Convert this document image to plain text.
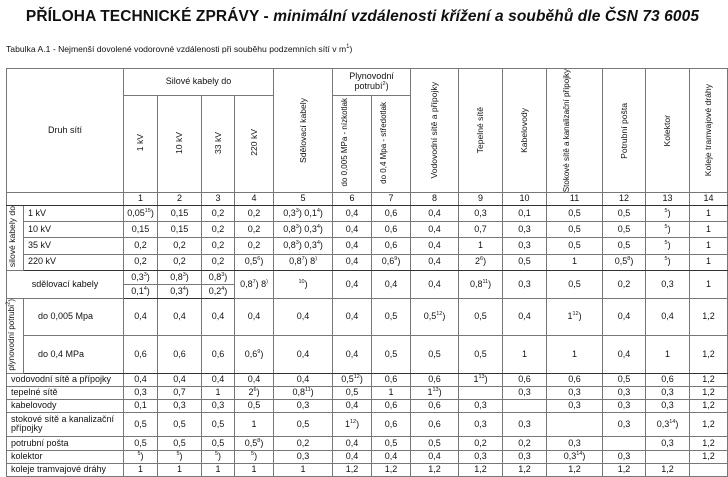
PŘÍLOHA TECHNICKÉ ZPRÁVY - minimální vzdálenosti křížení a souběhů dle ČSN 73 6005
Tabulka A.1 - Nejmenší dovolené vodorovné vzdálenosti při souběhu podzemních sítí v $m^1$)
Druh sítí		Silové kabely do				Sdělovací kabely	Plynovodní potrubí$^2$)		Vodovodní sítě a přípojky	Tepelné sítě	Kabelovody	Stokové sítě a kanalizační přípojky	Potrubní pošta	Kolektor	Koleje tramvajové dráhy

		1 kV	10 kV	33 kV	220 kV		do 0,005 MPa - nízkotlak	do 0,4 Mpa - středotlak							
		1	2	3	4	5	6	7	8	9	10	11	12	13	14
silové kabely do	1 kV	0,05$^{15}$)	0,15	0,2	0,2	$0,3^3$) $0,1^4$)	0,4	0,6	0,4	0,3	0,1	0,5	0,5	$^5$)	1
	10 kV	0,15	0,15	0,2	0,2	$0,8^3$) $0,3^4$)	0,4	0,6	0,4	0,7	0,3	0,5	0,5	$^5$)	1
	35 kV	0,2	0,2	0,2	0,2	$0,8^3$) $0,3^4$)	0,4	0,6	0,4	1	0,3	0,5	0,5	$^5$)	1
	220 kV	0,2	0,2	0,2	$0,5^6$)	$0,8^7$) 8)	0,4	$0,6^9$)	0,4	$2^6$)	0,5	1	$0,5^8$)	$^5$)	1
sdělovací kabely		$0,3^3$)	$0,8^3$)	$0,8^3$)	$0,8^7$) 8)	$^{10}$)	0,4	0,4	0,4	$0,8^{11}$)	0,3	0,5	0,2	0,3	1
		$0,1^4$)	$0,3^4$)	$0,2^4$)											
plynovodní potrubí$^2$)	do 0,005 Mpa	0,4	0,4	0,4	0,4	0,4	0,4	0,5	$0,5^{12}$)	0,5	0,4	$1^{12}$)	0,4	0,4	1,2
	do 0,4 MPa	0,6	0,6	0,6	$0,6^9$)	0,4	0,4	0,5	0,5	0,5	1	1	0,4	1	1,2
vodovodní sítě a přípojky		0,4	0,4	0,4	0,4	0,4	$0,5^{12}$)	0,6	0,6	$1^{13}$)	0,6	0,6	0,5	0,6	1,2
tepelné sítě		0,3	0,7	1	$2^6$)	$0,8^{11}$)	0,5	1	$1^{13}$)		0,3	0,3	0,3	0,3	1,2
kabelovody		0,1	0,3	0,3	0,5	0,3	0,4	0,6	0,6	0,3		0,3	0,3	0,3	1,2
stokové sítě a kanalizační přípojky		0,5	0,5	0,5	1	0,5	$1^{12}$)	0,6	0,6	0,3	0,3		0,3	$0,3^{14}$)	1,2
potrubní pošta		0,5	0,5	0,5	$0,5^8$)	0,2	0,4	0,5	0,5	0,2	0,2	0,3		0,3	1,2
kolektor		$^5$)	$^5$)	$^5$)	$^5$)	0,3	0,4	0,4	0,4	0,3	0,3	$0,3^{14}$)	0,3		1,2
koleje tramvajové dráhy		1	1	1	1	1	1,2	1,2	1,2	1,2	1,2	1,2	1,2	1,2	
